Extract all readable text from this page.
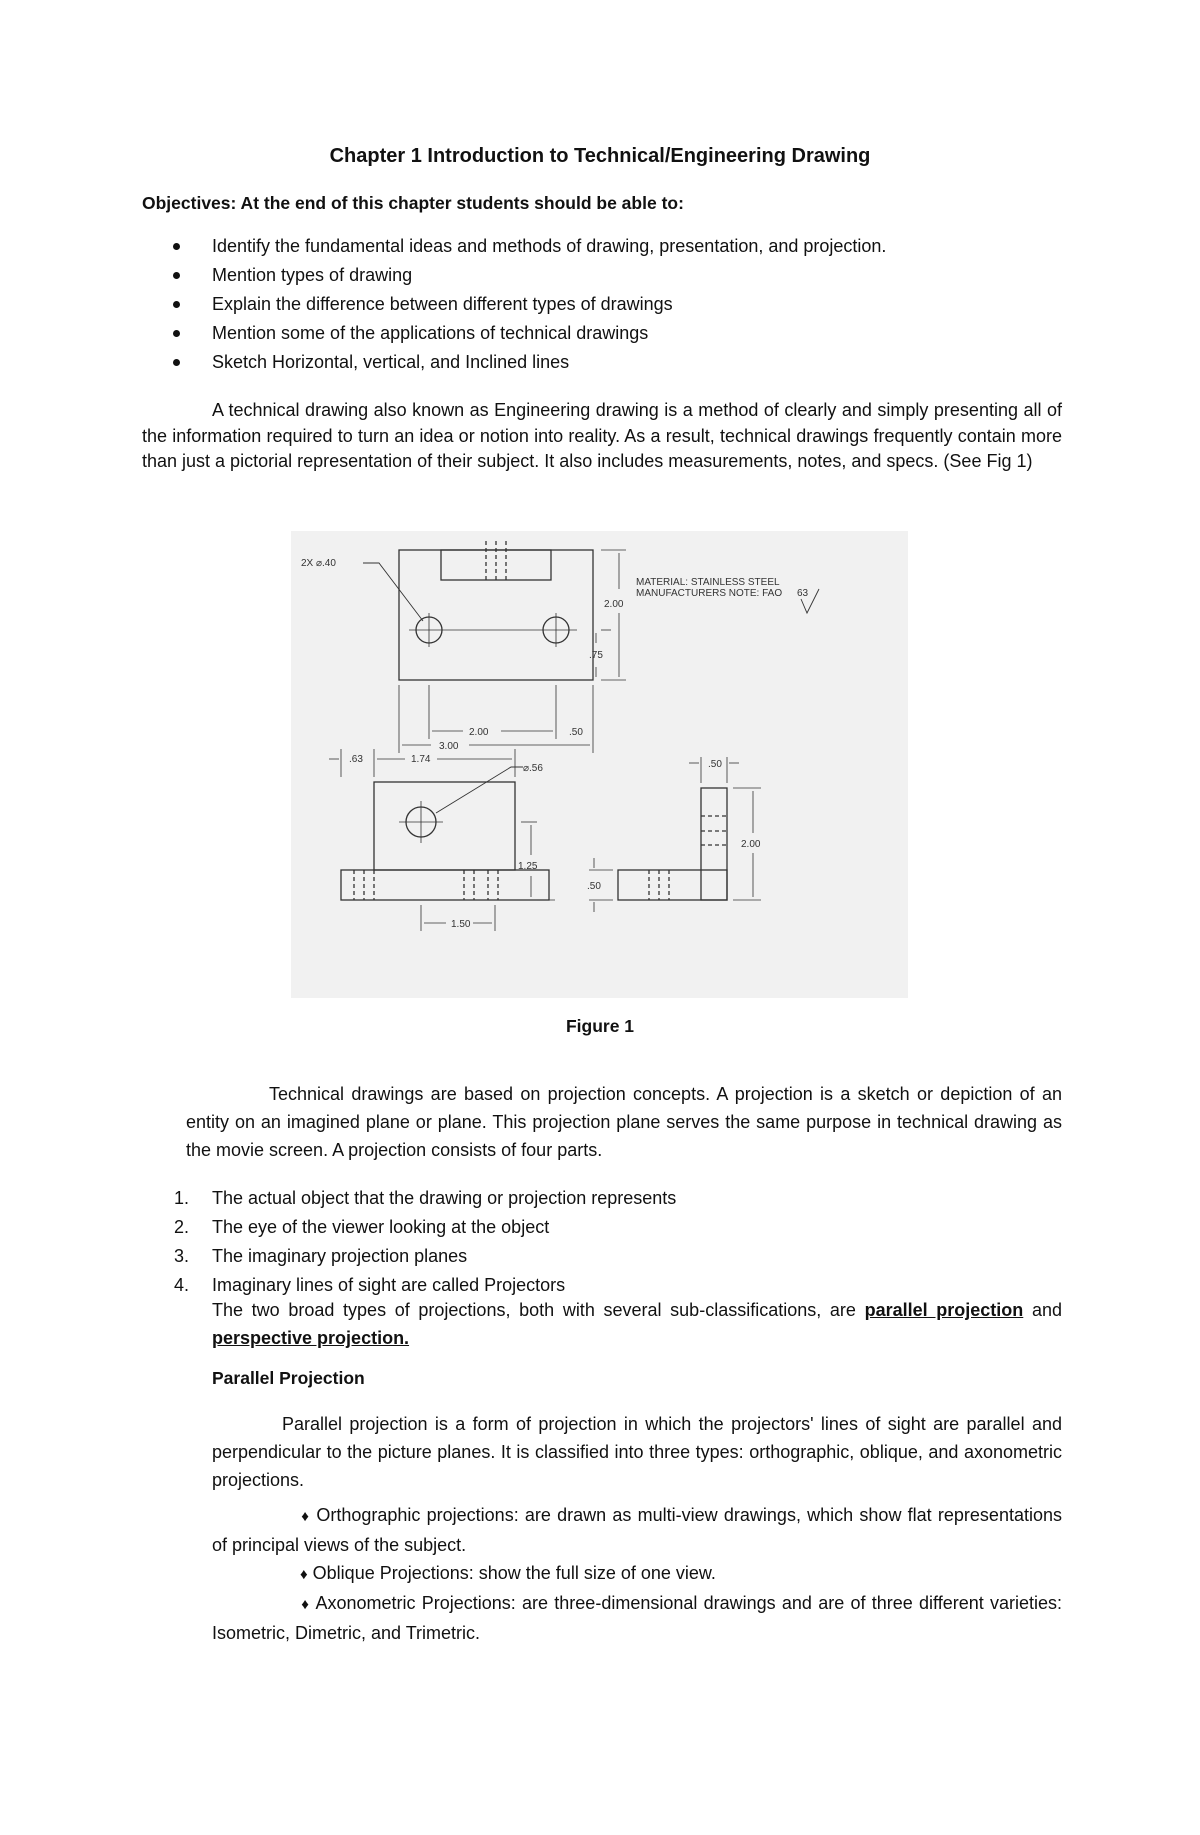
Chapter 1 Introduction to Technical/Engineering Drawing
Objectives: At the end of this chapter students should be able to:
Identify the fundamental ideas and methods of drawing, presentation, and projection.
Mention types of drawing
Explain the difference between different types of drawings
Mention some of the applications of technical drawings
Sketch Horizontal, vertical, and Inclined lines
A technical drawing also known as Engineering drawing is a method of clearly and simply presenting all of the information required to turn an idea or notion into reality. As a result, technical drawings frequently contain more than just a pictorial representation of their subject. It also includes measurements, notes, and specs. (See Fig 1)
2X ⌀.40
2.00
.75
2.00	.50
3.00
MATERIAL: STAINLESS STEEL
MANUFACTURERS NOTE: FAO 63
.63	1.74
⌀.56
1.25
1.50
.50
2.00
.50
Figure 1
Technical drawings are based on projection concepts. A projection is a sketch or depiction of an entity on an imagined plane or plane. This projection plane serves the same purpose in technical drawing as the movie screen. A projection consists of four parts.
1. The actual object that the drawing or projection represents
2. The eye of the viewer looking at the object
3. The imaginary projection planes
4. Imaginary lines of sight are called Projectors
The two broad types of projections, both with several sub-classifications, are parallel projection and perspective projection.
Parallel Projection
Parallel projection is a form of projection in which the projectors' lines of sight are parallel and perpendicular to the picture planes. It is classified into three types: orthographic, oblique, and axonometric projections.
♦ Orthographic projections: are drawn as multi-view drawings, which show flat representations of principal views of the subject.
♦ Oblique Projections: show the full size of one view.
♦ Axonometric Projections: are three-dimensional drawings and are of three different varieties: Isometric, Dimetric, and Trimetric.
